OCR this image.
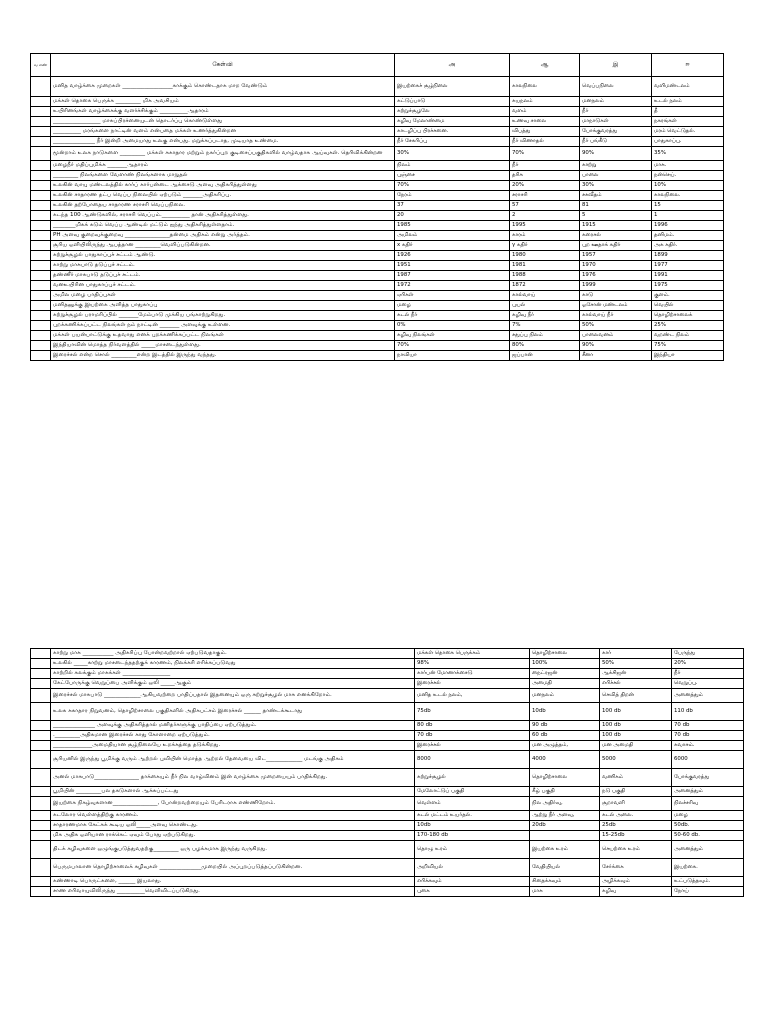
வ எண்	கேள்வி	அ	ஆ	இ	ஈ
	மனித வாழ்க்கை முறைகள் __________________காக்கும் கொண்டதாக மாற வேண்டும்	இயற்கைச் சூழ்நிலை	காலநிலை	வெப்பநிலை	வளிமண்டலம்
	மக்கள் தொகை பெருக்க _________ மிக அவசியம்	கட்டுப்பாடு	சுயநலம்	மனநலம்	உடல் நலம்
	உயிரினங்கள் வாழ்க்கைக்கு வளர்ச்சிக்கும் __________ஆதாரம்	சுற்றுச்சூழலே	வளம்	நீர்	தீ
	_________________ மாசுப்பிரச்னையுடன் தொடர்ப்பு கொண்டுள்ளது	கழிவு மேலாண்மை	உணவு சாலை	மாநாடுகள்	நகரங்கள்
	__________ மரங்களை நாட்டின் வளம் என்பதை மக்கள் உணர்த்துகின்றன	காடழிப்பு பிரச்சனை.	விபத்து	போக்குவரத்து	மரம் வெட்டுதல்.
	_______________ நீர் இன்றி அமையாது உலகு என்பது. மறுக்கப்படாத, முடியாத உண்மை.	நீர் சேகரிப்பு	நீர் விணாதல்	நீர் பங்கீடு	பாதுகாப்பு.
	மூன்றாம் உலக நாடுகளை _________ மக்கள் சுகாதார மற்றும் நகர்ப்புற குடிசைப்பகுதிகளில் வாழ்வதாக ஆய்வுகள். தெரிவிக்கின்றன	30%	70%	90%	35%
	மழைநீர் மதிப்புமிக்க _______ஆதாரம்	நிலம்	நீர்	காற்று	மாசு.
	_________ நிலங்களை வேளாண் நிலங்களாக மாறுதல்	புஞ்சை	தரிசு	பாலை	நன்செய்.
	உலகின் வாயு மண்டலத்தில் கார்ப் கார்பன்டை ஆக்சைடு அளவு அதிகரித்துள்ளது	70%	20%	30%	10%
	உலகின் சாதாரண தட்ப வெப்ப நிலையில் ஏற்படும் _______அதிகரிப்பு.	நேரம்	சராசரி	சகவீதம்	காலநிலை.
	உலகின் தற்போதைய சாதாரண சராசரி வெப்பநிலை.	37	57	81	15
	கடந்த 100 ஆண்டுகளில், சராசரி வெப்பம்.__________ தான் அதிகரித்துள்ளது.	20	2	5	1
	________மிகக் கடும் வெப்ப ஆண்டில் மட்டும் ஐந்து அதிகரித்துள்ளதாம்.	1985	1995	1915	1996
	PH அளவு குறைவுக்குறைவு ________________தன்மை அதிகம் என்று அர்த்தம்.	அமிலம்	காரம்	கரைசல்	தனிமம்.
	சூரிய ஒளியிலிருந்து ஆபத்தான _________வெளிப்படுகின்றன.	x கதிர்	γ கதிர்	புற ஊதாக் கதிர்	அக கதிர்.
	சுற்றுச்சூழல் பாதுகாப்புச் சட்டம் ஆண்டு.	1926	1980	1957	1899
	காற்று மாசுபாடு தடுப்புச் சட்டம்.	1951	1981	1970	1977
	தண்ணீர் மாசுபாடு தடுப்புச் சட்டம்.	1987	1988	1976	1991
	வனஉயிரின பாதுகாப்புச் சட்டம்.	1972	1872	1999	1975
	அமில மழை பாதிப்புகள்	ஏரிகள்	கால்வாய்	காடு	குளம்.
	மனிதனுக்கு இயற்கை அளித்த பாதுகாப்பு	மழை	புயல்	ஓசோன் மண்டலம்	வெயில்
	சுற்றுச்சூழல் பராமரிப்பில் _______மேம்பாடு முக்கிய பங்காற்றுகிறது.	கடல் நீர்	கழிவு நீர்	கால்வாய் நீர்	தொழிற்சாலைக்
	புறக்கணிக்கப்பட்ட நிலங்கள் நம் நாட்டின் _______ அளவுக்கு உள்ளன.	0%	7%	50%	25%
	மக்கள் பயன்பாட்டுக்கு உதவாது எனக் புறக்கணிக்கப்பட்ட நிலங்கள்	கழிவு நிலங்கள்	சதுப்பு நிலம்	பாலைவனம்	வறண்ட நிலம்
	இந்தியாவின் மொத்த நிர்வளத்தில் _____மாசடைந்துள்ளது.	70%	80%	90%	75%
	இரைச்சல் என்ற சொல் _________என்ற இடத்தில் இருந்து வந்தது.	நாவியா	ஜப்பான்	சீனா	இந்தியா
	காற்று மாசு ___________ அதிகரிப்பு போன்றவற்றால் ஏற்படுவதாகும்.	மக்கள் தொகை பெருக்கம்	தொழிற்சாலை	கார்	பேருந்து
	உலகில் _____காற்று மாசடைந்ததற்குக் காரணம், நிலக்கரி எரிக்கப்படுவது	98%	100%	50%	20%
	காற்றில் கலக்கும் மாசுக்கள் _________________	கார்பன் மோனாக்சைடு	நைட்ரஜன்	ஆக்சிஜன்	நீர்
	கேட்போருக்கு வெறுப்பை அளிக்கும் ஒலி _____ஆகும்	இரைச்சல்	அமைதி	எரிச்சல்	வெறுப்பு.
	இரைச்சல் மாசுபாடு _____________ஆகியவற்றை பாதிப்பதால் இதனையும் ஒரு சுற்றுச்சூழல் மாசு எனக்கிறோம்.	மனித உடல் நலம்,	மனநலம்	செவித் திறன்	அனைத்தும்
	உலக சுகாதார நிறுவனம், தொழிற்சாலை பகுதிகளில் அதிகபட்சம் இரைச்சல் ______ தாண்டக்கூடாது	75db	10db	100 db	110 db
	_______________ அளவுக்கு அதிகரித்தால் மனிதர்களுக்கு பாதிப்பை ஏற்படுத்தும்.	80 db	90 db	100 db	70 db
	._________அதிகமான இரைச்சல் காது கோளாறை ஏற்படுத்தும்.	70 db	60 db	100 db	70 db
	______________அமைதியான சூழ்நிலையே உறக்கத்தை தடுக்கிறது.	இரைச்சல்	மன அழுத்தம்,	மன அமைதி	சுவாசம்.
	சூரியனில் இருந்து பூமிக்கு வரும் ஆற்றல் புவியின் மொத்த ஆற்றல் தேவையை விட_____________ மடங்கு அதிகம்	8000	4000	5000	6000
	அனல் மாசுபாடு________________ தாக்கையும் நீர் நில வாழ்வினம் இன் வாழ்க்கை முறையையும் பாதிக்கிறது.	சுற்றுச்சூழல்	தொழிற்சாலை	வணிகம்	போக்குவரத்து
	பூமியின் _________பல தகடுகளால் ஆக்கப்பட்டது	மேலோட்டுப் பகுதி	கீழ் பகுதி	நடு பகுதி	அனைத்தும்
	இயற்கை நிகழ்வுகளான________________, போன்றவற்றையும் பேரிடராக எண்ணிறோம்.	வெள்ளம்	நில அதிர்வு,	சூறாவளி	நிலச்சரிவு
	கடலோர வெள்ளத்திற்கு காரணம்.	கடல் மட்டம் உயர்தல்.	ஆற்று நீர் அளவு,	கடல் அலை.	மழை
	சாதாரணமாக கேட்கக் கூடிய ஒலி_____அளவு கொண்டது.	10db	20db	25db	50db.
	மிக அதிக ஒளியான ராக்கெட் ஏவும் போது ஏற்படுகிறது.	170-180 db		15-25db	50-60 db.
	திடக் கழிவுகளை ஒழுங்குபடுத்துவதற்கு_________ ஒரு பழக்கமாக இருந்து வருகிறது.	தொழு உரம்	இயற்கை உரம்	செயற்கை உரம்	அனைத்தும்
	பெருமபாலான தொழிற்சாலைக் கழிவுகள் _______________முறையில் அப்புறப்படுத்தப்படுகின்றன.	அறிவியல்	வேதியியல்	சேர்க்கை	இயற்கை.
	கண்ணாடி பொருட்களை, ______ இயலாது.	எரிக்கவும்	சிதைக்கவும்	அழிக்கவும்	உட்படுத்தவும்.
	சாண எரிவாயுவிலிருந்து __________வெளிவிடப்படுகிறது.	புகை	மாசு	கழிவு	நோய்
